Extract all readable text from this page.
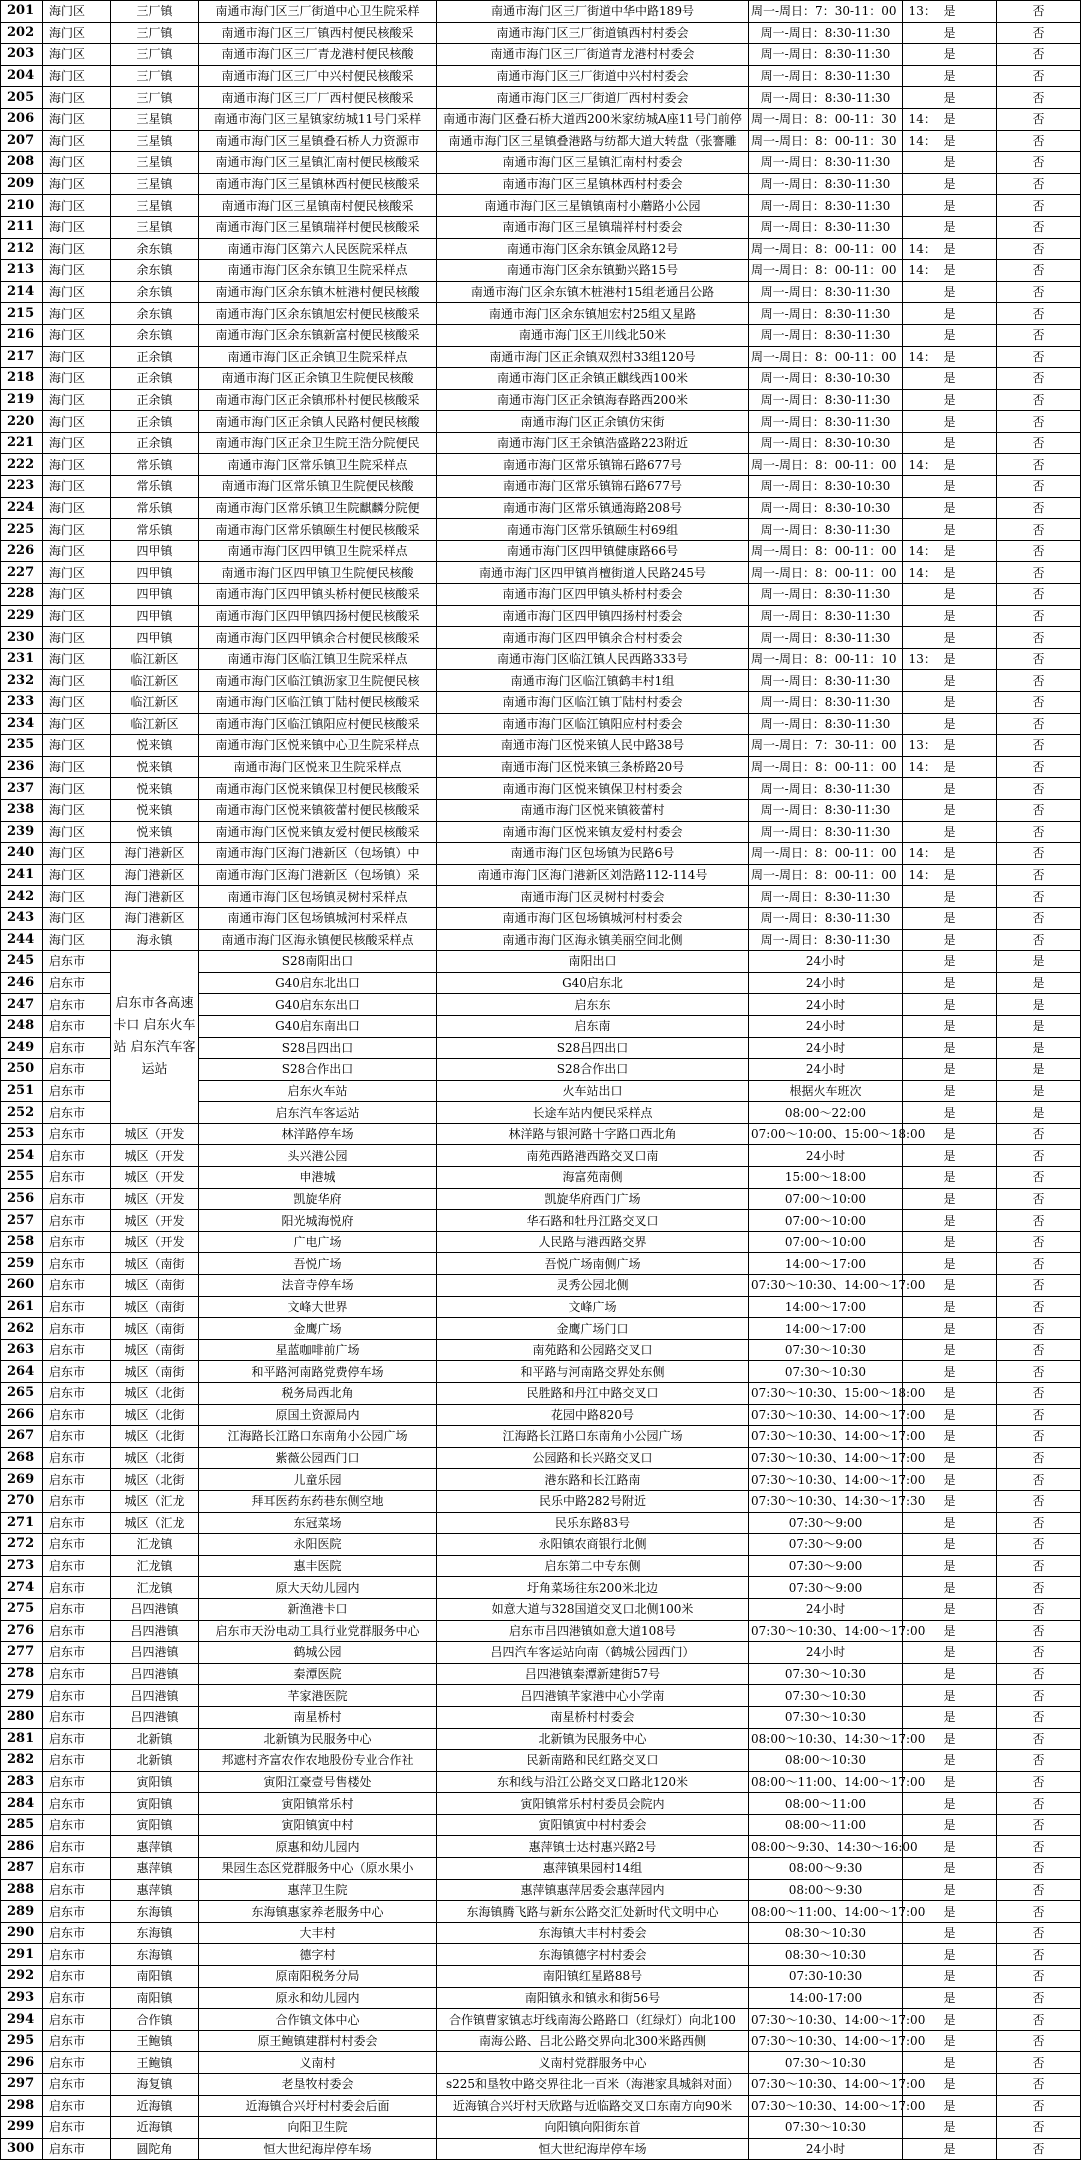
201	海门区	三厂镇	南通市海门区三厂街道中心卫生院采样	南通市海门区三厂街道中华中路189号	周一-周日：7：30-11：00　13：	是	否
202	海门区	三厂镇	南通市海门区三厂镇西村便民核酸采	南通市海门区三厂街道镇西村村委会	周一-周日：8:30-11:30	是	否
203	海门区	三厂镇	南通市海门区三厂青龙港村便民核酸	南通市海门区三厂街道青龙港村村委会	周一-周日：8:30-11:30	是	否
204	海门区	三厂镇	南通市海门区三厂中兴村便民核酸采	南通市海门区三厂街道中兴村村委会	周一-周日：8:30-11:30	是	否
205	海门区	三厂镇	南通市海门区三厂厂西村便民核酸采	南通市海门区三厂街道厂西村村委会	周一-周日：8:30-11:30	是	否
206	海门区	三星镇	南通市海门区三星镇家纺城11号门采样	南通市海门区叠石桥大道西200米家纺城A座11号门前停	周一-周日：8：00-11：30　14：	是	否
207	海门区	三星镇	南通市海门区三星镇叠石桥人力资源市	南通市海门区三星镇叠港路与纺都大道大转盘（张謇雕	周一-周日：8：00-11：30　14：	是	否
208	海门区	三星镇	南通市海门区三星镇汇南村便民核酸采	南通市海门区三星镇汇南村村委会	周一-周日：8:30-11:30	是	否
209	海门区	三星镇	南通市海门区三星镇林西村便民核酸采	南通市海门区三星镇林西村村委会	周一-周日：8:30-11:30	是	否
210	海门区	三星镇	南通市海门区三星镇南村便民核酸采	南通市海门区三星镇镇南村小蘑路小公园	周一-周日：8:30-11:30	是	否
211	海门区	三星镇	南通市海门区三星镇瑞祥村便民核酸采	南通市海门区三星镇瑞祥村村委会	周一-周日：8:30-11:30	是	否
212	海门区	余东镇	南通市海门区第六人民医院采样点	南通市海门区余东镇金凤路12号	周一-周日：8：00-11：00　14：	是	否
213	海门区	余东镇	南通市海门区余东镇卫生院采样点	南通市海门区余东镇勤兴路15号	周一-周日：8：00-11：00　14：	是	否
214	海门区	余东镇	南通市海门区余东镇木桩港村便民核酸	南通市海门区余东镇木桩港村15组老通吕公路	周一-周日：8:30-11:30	是	否
215	海门区	余东镇	南通市海门区余东镇旭宏村便民核酸采	南通市海门区余东镇旭宏村25组又星路	周一-周日：8:30-11:30	是	否
216	海门区	余东镇	南通市海门区余东镇新富村便民核酸采	南通市海门区王川线北50米	周一-周日：8:30-11:30	是	否
217	海门区	正余镇	南通市海门区正余镇卫生院采样点	南通市海门区正余镇双烈村33组120号	周一-周日：8：00-11：00　14：	是	否
218	海门区	正余镇	南通市海门区正余镇卫生院便民核酸	南通市海门区正余镇正麒线西100米	周一-周日：8:30-10:30	是	否
219	海门区	正余镇	南通市海门区正余镇邢朴村便民核酸采	南通市海门区正余镇海春路西200米	周一-周日：8:30-11:30	是	否
220	海门区	正余镇	南通市海门区正余镇人民路村便民核酸	南通市海门区正余镇仿宋街	周一-周日：8:30-11:30	是	否
221	海门区	正余镇	南通市海门区正余卫生院王浩分院便民	南通市海门区王余镇浩盛路223附近	周一-周日：8:30-10:30	是	否
222	海门区	常乐镇	南通市海门区常乐镇卫生院采样点	南通市海门区常乐镇锦石路677号	周一-周日：8：00-11：00　14：	是	否
223	海门区	常乐镇	南通市海门区常乐镇卫生院便民核酸	南通市海门区常乐镇锦石路677号	周一-周日：8:30-10:30	是	否
224	海门区	常乐镇	南通市海门区常乐镇卫生院麒麟分院便	南通市海门区常乐镇通海路208号	周一-周日：8:30-10:30	是	否
225	海门区	常乐镇	南通市海门区常乐镇颐生村便民核酸采	南通市海门区常乐镇颐生村69组	周一-周日：8:30-11:30	是	否
226	海门区	四甲镇	南通市海门区四甲镇卫生院采样点	南通市海门区四甲镇健康路66号	周一-周日：8：00-11：00　14：	是	否
227	海门区	四甲镇	南通市海门区四甲镇卫生院便民核酸	南通市海门区四甲镇肖檀街道人民路245号	周一-周日：8：00-11：00　14：	是	否
228	海门区	四甲镇	南通市海门区四甲镇头桥村便民核酸采	南通市海门区四甲镇头桥村村委会	周一-周日：8:30-11:30	是	否
229	海门区	四甲镇	南通市海门区四甲镇四扬村便民核酸采	南通市海门区四甲镇四扬村村委会	周一-周日：8:30-11:30	是	否
230	海门区	四甲镇	南通市海门区四甲镇余合村便民核酸采	南通市海门区四甲镇余合村村委会	周一-周日：8:30-11:30	是	否
231	海门区	临江新区	南通市海门区临江镇卫生院采样点	南通市海门区临江镇人民西路333号	周一-周日：8：00-11：10　13：	是	否
232	海门区	临江新区	南通市海门区临江镇沥家卫生院便民核	南通市海门区临江镇鹤丰村1组	周一-周日：8:30-11:30	是	否
233	海门区	临江新区	南通市海门区临江镇丁陆村便民核酸采	南通市海门区临江镇丁陆村村委会	周一-周日：8:30-11:30	是	否
234	海门区	临江新区	南通市海门区临江镇阳应村便民核酸采	南通市海门区临江镇阳应村村委会	周一-周日：8:30-11:30	是	否
235	海门区	悦来镇	南通市海门区悦来镇中心卫生院采样点	南通市海门区悦来镇人民中路38号	周一-周日：7：30-11：00　13：	是	否
236	海门区	悦来镇	南通市海门区悦来卫生院采样点	南通市海门区悦来镇三条桥路20号	周一-周日：8：00-11：00　14：	是	否
237	海门区	悦来镇	南通市海门区悦来镇保卫村便民核酸采	南通市海门区悦来镇保卫村村委会	周一-周日：8:30-11:30	是	否
238	海门区	悦来镇	南通市海门区悦来镇筱蕾村便民核酸采	南通市海门区悦来镇筱蕾村	周一-周日：8:30-11:30	是	否
239	海门区	悦来镇	南通市海门区悦来镇友爱村便民核酸采	南通市海门区悦来镇友爱村村委会	周一-周日：8:30-11:30	是	否
240	海门区	海门港新区	南通市海门区海门港新区（包场镇）中	南通市海门区包场镇为民路6号	周一-周日：8：00-11：00　14：	是	否
241	海门区	海门港新区	南通市海门区海门港新区（包场镇）采	南通市海门区海门港新区刘浩路112-114号	周一-周日：8：00-11：00　14：	是	否
242	海门区	海门港新区	南通市海门区包场镇灵树村采样点	南通市海门区灵树村村委会	周一-周日：8:30-11:30	是	否
243	海门区	海门港新区	南通市海门区包场镇城河村采样点	南通市海门区包场镇城河村村委会	周一-周日：8:30-11:30	是	否
244	海门区	海永镇	南通市海门区海永镇便民核酸采样点	南通市海门区海永镇美丽空间北侧	周一-周日：8:30-11:30	是	否
245	启东市	启东市各高速卡口 启东火车站 启东汽车客运站	S28南阳出口	南阳出口	24小时	是	是
246	启东市		G40启东北出口	G40启东北	24小时	是	是
247	启东市		G40启东东出口	启东东	24小时	是	是
248	启东市		G40启东南出口	启东南	24小时	是	是
249	启东市		S28吕四出口	S28吕四出口	24小时	是	是
250	启东市		S28合作出口	S28合作出口	24小时	是	是
251	启东市		启东火车站	火车站出口	根据火车班次	是	是
252	启东市		启东汽车客运站	长途车站内便民采样点	08:00～22:00	是	是
253	启东市	城区（开发	林洋路停车场	林洋路与银河路十字路口西北角	07:00～10:00、15:00～18:00	是	否
254	启东市	城区（开发	头兴港公园	南苑西路港西路交叉口南	24小时	是	否
255	启东市	城区（开发	申港城	海富苑南侧	15:00～18:00	是	否
256	启东市	城区（开发	凯旋华府	凯旋华府西门广场	07:00～10:00	是	否
257	启东市	城区（开发	阳光城海悦府	华石路和牡丹江路交叉口	07:00～10:00	是	否
258	启东市	城区（开发	广电广场	人民路与港西路交界	07:00～10:00	是	否
259	启东市	城区（南街	吾悦广场	吾悦广场南侧广场	14:00～17:00	是	否
260	启东市	城区（南街	法音寺停车场	灵秀公园北侧	07:30～10:30、14:00～17:00	是	否
261	启东市	城区（南街	文峰大世界	文峰广场	14:00～17:00	是	否
262	启东市	城区（南街	金鹰广场	金鹰广场门口	14:00～17:00	是	否
263	启东市	城区（南街	星蓝咖啡前广场	南苑路和公园路交叉口	07:30～10:30	是	否
264	启东市	城区（南街	和平路河南路党费停车场	和平路与河南路交界处东侧	07:30～10:30	是	否
265	启东市	城区（北街	税务局西北角	民胜路和丹江中路交叉口	07:30～10:30、15:00～18:00	是	否
266	启东市	城区（北街	原国土资源局内	花园中路820号	07:30～10:30、14:00～17:00	是	否
267	启东市	城区（北街	江海路长江路口东南角小公园广场	江海路长江路口东南角小公园广场	07:30～10:30、14:00～17:00	是	否
268	启东市	城区（北街	紫薇公园西门口	公园路和长兴路交叉口	07:30～10:30、14:00～17:00	是	否
269	启东市	城区（北街	儿童乐园	港东路和长江路南	07:30～10:30、14:00～17:00	是	否
270	启东市	城区（汇龙	拜耳医药东药巷东侧空地	民乐中路282号附近	07:30～10:30、14:30～17:30	是	否
271	启东市	城区（汇龙	东冠菜场	民乐东路83号	07:30～9:00	是	否
272	启东市	汇龙镇	永阳医院	永阳镇农商银行北侧	07:30～9:00	是	否
273	启东市	汇龙镇	惠丰医院	启东第二中专东侧	07:30～9:00	是	否
274	启东市	汇龙镇	原大天幼儿园内	圩角菜场往东200米北边	07:30～9:00	是	否
275	启东市	吕四港镇	新渔港卡口	如意大道与328国道交叉口北侧100米	24小时	是	否
276	启东市	吕四港镇	启东市天汾电动工具行业党群服务中心	启东市吕四港镇如意大道108号	07:30～10:30、14:00～17:00	是	否
277	启东市	吕四港镇	鹤城公园	吕四汽车客运站向南（鹤城公园西门）	24小时	是	否
278	启东市	吕四港镇	秦潭医院	吕四港镇秦潭新建街57号	07:30～10:30	是	否
279	启东市	吕四港镇	芊家港医院	吕四港镇芊家港中心小学南	07:30～10:30	是	否
280	启东市	吕四港镇	南星桥村	南星桥村村委会	07:30～10:30	是	否
281	启东市	北新镇	北新镇为民服务中心	北新镇为民服务中心	08:00～10:30、14:30～17:00	是	否
282	启东市	北新镇	邦遮村齐富农作农地股份专业合作社	民新南路和民红路交叉口	08:00～10:30	是	否
283	启东市	寅阳镇	寅阳江豪壹号售楼处	东和线与沿江公路交叉口路北120米	08:00～11:00、14:00～17:00	是	否
284	启东市	寅阳镇	寅阳镇常乐村	寅阳镇常乐村村委员会院内	08:00～11:00	是	否
285	启东市	寅阳镇	寅阳镇寅中村	寅阳镇寅中村村委会	08:00～11:00	是	否
286	启东市	惠萍镇	原惠和幼儿园内	惠萍镇士达村惠兴路2号	08:00～9:30、14:30～16:00	是	否
287	启东市	惠萍镇	果园生态区党群服务中心（原水果小	惠萍镇果园村14组	08:00～9:30	是	否
288	启东市	惠萍镇	惠萍卫生院	惠萍镇惠萍居委会惠萍园内	08:00～9:30	是	否
289	启东市	东海镇	东海镇惠家养老服务中心	东海镇腾飞路与新东公路交汇处新时代文明中心	08:00～11:00、14:00～17:00	是	否
290	启东市	东海镇	大丰村	东海镇大丰村村委会	08:30～10:30	是	否
291	启东市	东海镇	德字村	东海镇德字村村委会	08:30～10:30	是	否
292	启东市	南阳镇	原南阳税务分局	南阳镇红星路88号	07:30-10:30	是	否
293	启东市	南阳镇	原永和幼儿园内	南阳镇永和镇永和街56号	14:00-17:00	是	否
294	启东市	合作镇	合作镇文体中心	合作镇曹家镇志圩线南海公路路口（红绿灯）向北100	07:30～10:30、14:00～17:00	是	否
295	启东市	王鲍镇	原王鲍镇建群村村委会	南海公路、吕北公路交界向北300米路西侧	07:30～10:30、14:00～17:00	是	否
296	启东市	王鲍镇	义南村	义南村党群服务中心	07:30～10:30	是	否
297	启东市	海复镇	老垦牧村委会	s225和垦牧中路交界往北一百米（海港家具城斜对面）	07:30～10:30、14:00～17:00	是	否
298	启东市	近海镇	近海镇合兴圩村村委会后面	近海镇合兴圩村天欣路与近临路交叉口东南方向90米	07:30～10:30、14:00～17:00	是	否
299	启东市	近海镇	向阳卫生院	向阳镇向阳街东首	07:30～10:30	是	否
300	启东市	圆陀角	恒大世纪海岸停车场	恒大世纪海岸停车场	24小时	是	否
